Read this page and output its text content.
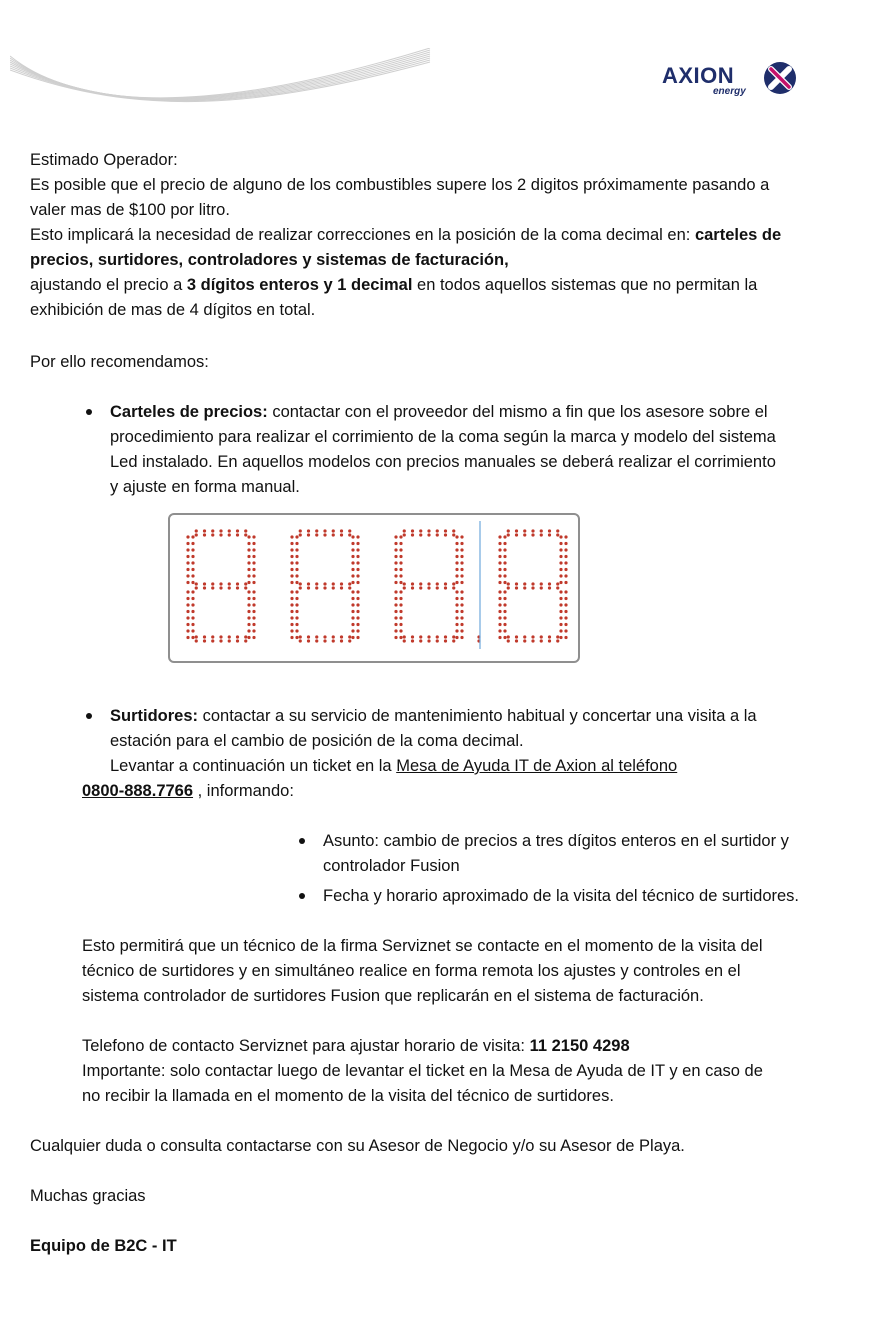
AXION
energy

Estimado Operador:

Es posible que el precio de alguno de los combustibles supere los 2 digitos próximamente pasando a

valer mas de $100 por litro.

Esto implicará la necesidad de realizar correcciones en la posición de la coma decimal en: carteles de

precios, surtidores, controladores y sistemas de facturación,

ajustando el precio a 3 dígitos enteros y 1 decimal en todos aquellos sistemas que no permitan la

exhibición de mas de 4 dígitos en total.

Por ello recomendamos:

Carteles de precios: contactar con el proveedor del mismo a fin que los asesore sobre el

procedimiento para realizar el corrimiento de la coma según la marca y modelo del sistema

Led instalado. En aquellos modelos con precios manuales se deberá realizar el corrimiento

y ajuste en forma manual.

Surtidores: contactar a su servicio de mantenimiento habitual y concertar una visita a la

estación para el cambio de posición de la coma decimal.

Levantar a continuación un ticket en la Mesa de Ayuda IT de Axion al teléfono

0800-888.7766 , informando:

Asunto: cambio de precios a tres dígitos enteros en el surtidor y

controlador Fusion

Fecha y horario aproximado de la visita del técnico de surtidores.

Esto permitirá que un técnico de la firma Serviznet se contacte en el momento de la visita del

técnico de surtidores y en simultáneo realice en forma remota los ajustes y controles en el

sistema controlador de surtidores Fusion que replicarán en el sistema de facturación.

Telefono de contacto Serviznet para ajustar horario de visita: 11 2150 4298

Importante: solo contactar luego de levantar el ticket en la Mesa de Ayuda de IT y en caso de

no recibir la llamada en el momento de la visita del técnico de surtidores.

Cualquier duda o consulta contactarse con su Asesor de Negocio y/o su Asesor de Playa.

Muchas gracias

Equipo de B2C - IT
